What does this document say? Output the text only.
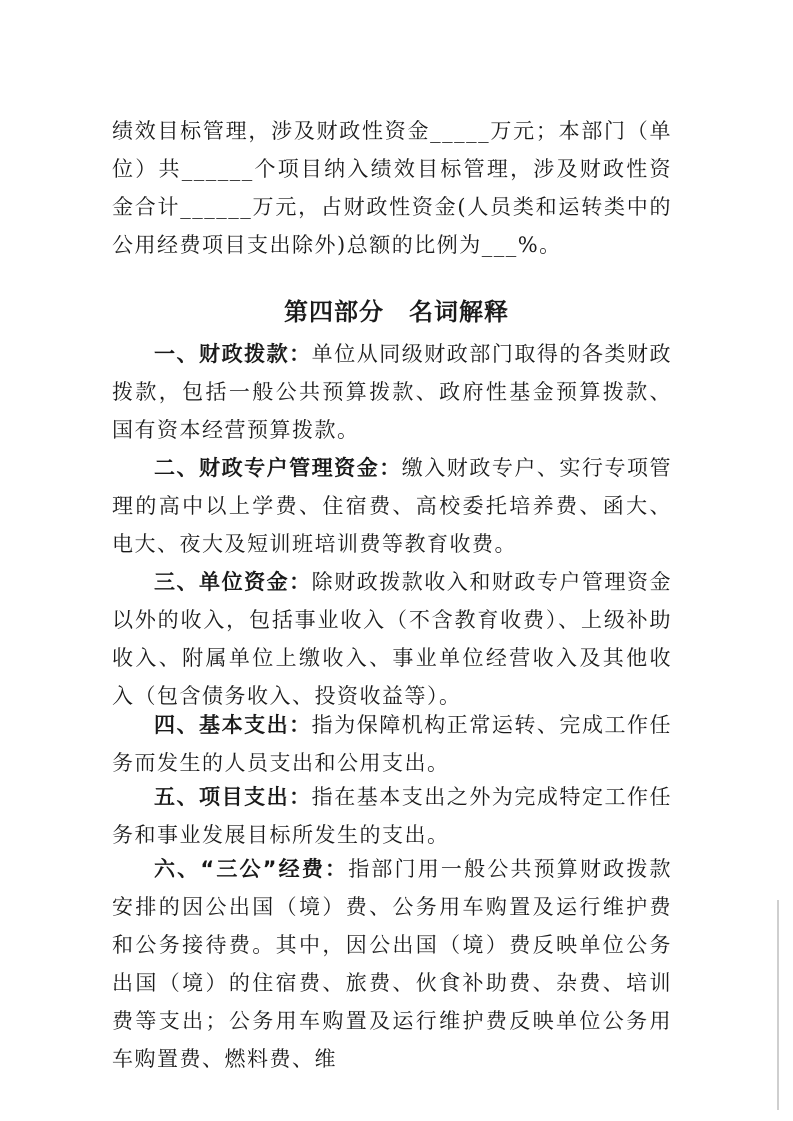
绩效目标管理，涉及财政性资金_____万元；本部门（单位）共______个项目纳入绩效目标管理，涉及财政性资金合计______万元，占财政性资金(人员类和运转类中的公用经费项目支出除外)总额的比例为___%。

第四部分　名词解释

一、财政拨款：单位从同级财政部门取得的各类财政拨款，包括一般公共预算拨款、政府性基金预算拨款、国有资本经营预算拨款。

二、财政专户管理资金：缴入财政专户、实行专项管理的高中以上学费、住宿费、高校委托培养费、函大、电大、夜大及短训班培训费等教育收费。

三、单位资金：除财政拨款收入和财政专户管理资金以外的收入，包括事业收入（不含教育收费）、上级补助收入、附属单位上缴收入、事业单位经营收入及其他收入（包含债务收入、投资收益等）。

四、基本支出：指为保障机构正常运转、完成工作任务而发生的人员支出和公用支出。

五、项目支出：指在基本支出之外为完成特定工作任务和事业发展目标所发生的支出。

六、“三公”经费：指部门用一般公共预算财政拨款安排的因公出国（境）费、公务用车购置及运行维护费和公务接待费。其中，因公出国（境）费反映单位公务出国（境）的住宿费、旅费、伙食补助费、杂费、培训费等支出；公务用车购置及运行维护费反映单位公务用车购置费、燃料费、维
